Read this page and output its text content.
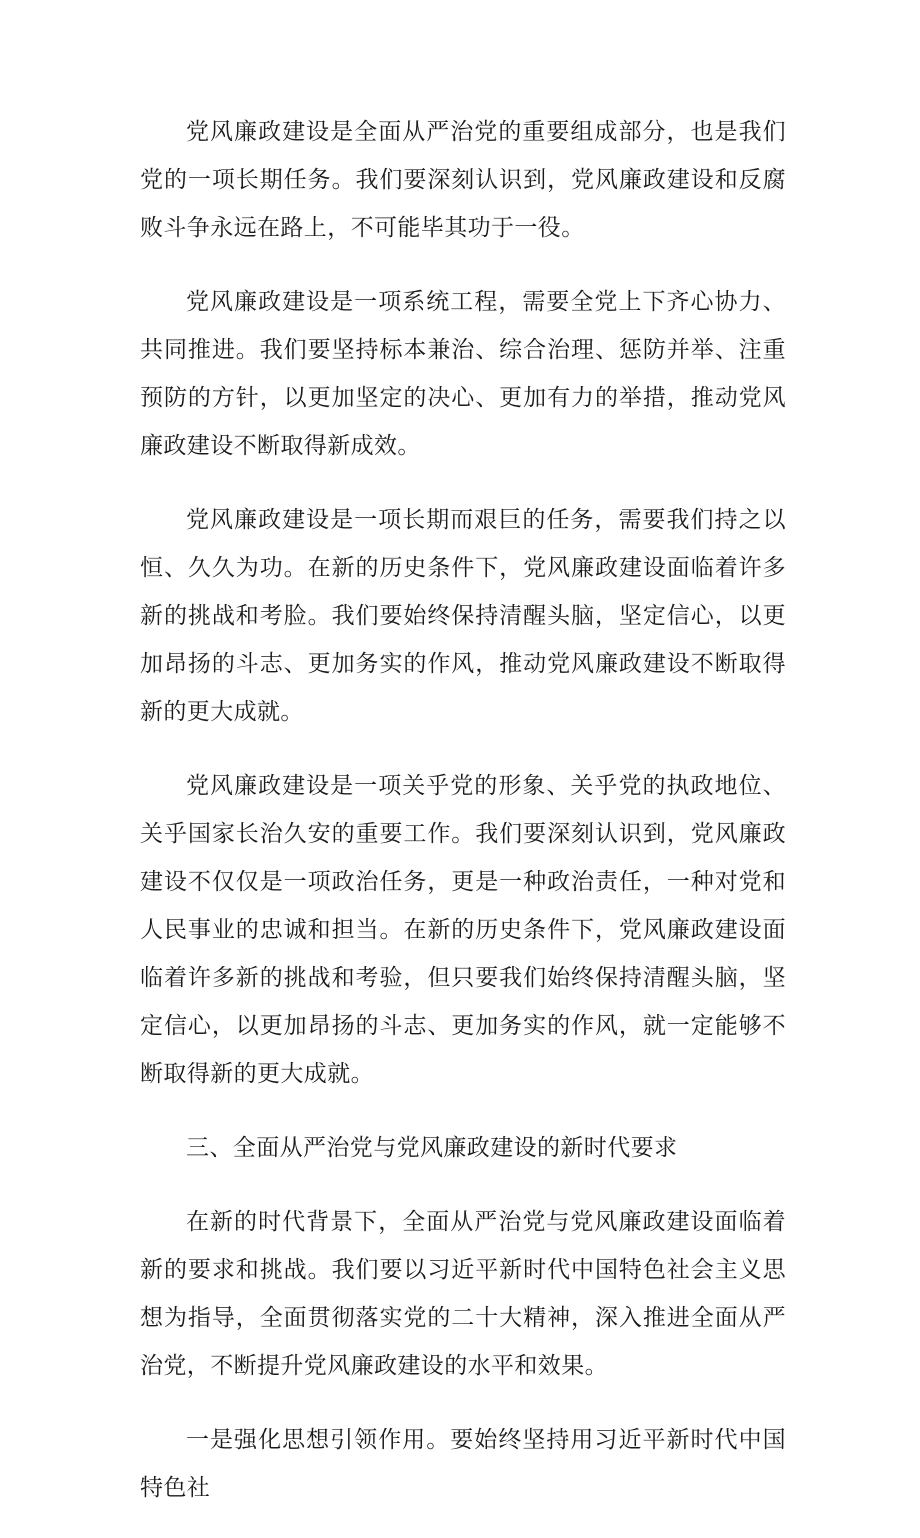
党风廉政建设是全面从严治党的重要组成部分，也是我们党的一项长期任务。我们要深刻认识到，党风廉政建设和反腐败斗争永远在路上，不可能毕其功于一役。

党风廉政建设是一项系统工程，需要全党上下齐心协力、共同推进。我们要坚持标本兼治、综合治理、惩防并举、注重预防的方针，以更加坚定的决心、更加有力的举措，推动党风廉政建设不断取得新成效。

党风廉政建设是一项长期而艰巨的任务，需要我们持之以恒、久久为功。在新的历史条件下，党风廉政建设面临着许多新的挑战和考脸。我们要始终保持清醒头脑，坚定信心，以更加昂扬的斗志、更加务实的作风，推动党风廉政建设不断取得新的更大成就。

党风廉政建设是一项关乎党的形象、关乎党的执政地位、关乎国家长治久安的重要工作。我们要深刻认识到，党风廉政建设不仅仅是一项政治任务，更是一种政治责任，一种对党和人民事业的忠诚和担当。在新的历史条件下，党风廉政建设面临着许多新的挑战和考验，但只要我们始终保持清醒头脑，坚定信心，以更加昂扬的斗志、更加务实的作风，就一定能够不断取得新的更大成就。

三、全面从严治党与党风廉政建设的新时代要求

在新的时代背景下，全面从严治党与党风廉政建设面临着新的要求和挑战。我们要以习近平新时代中国特色社会主义思想为指导，全面贯彻落实党的二十大精神，深入推进全面从严治党，不断提升党风廉政建设的水平和效果。

一是强化思想引领作用。要始终坚持用习近平新时代中国特色社
